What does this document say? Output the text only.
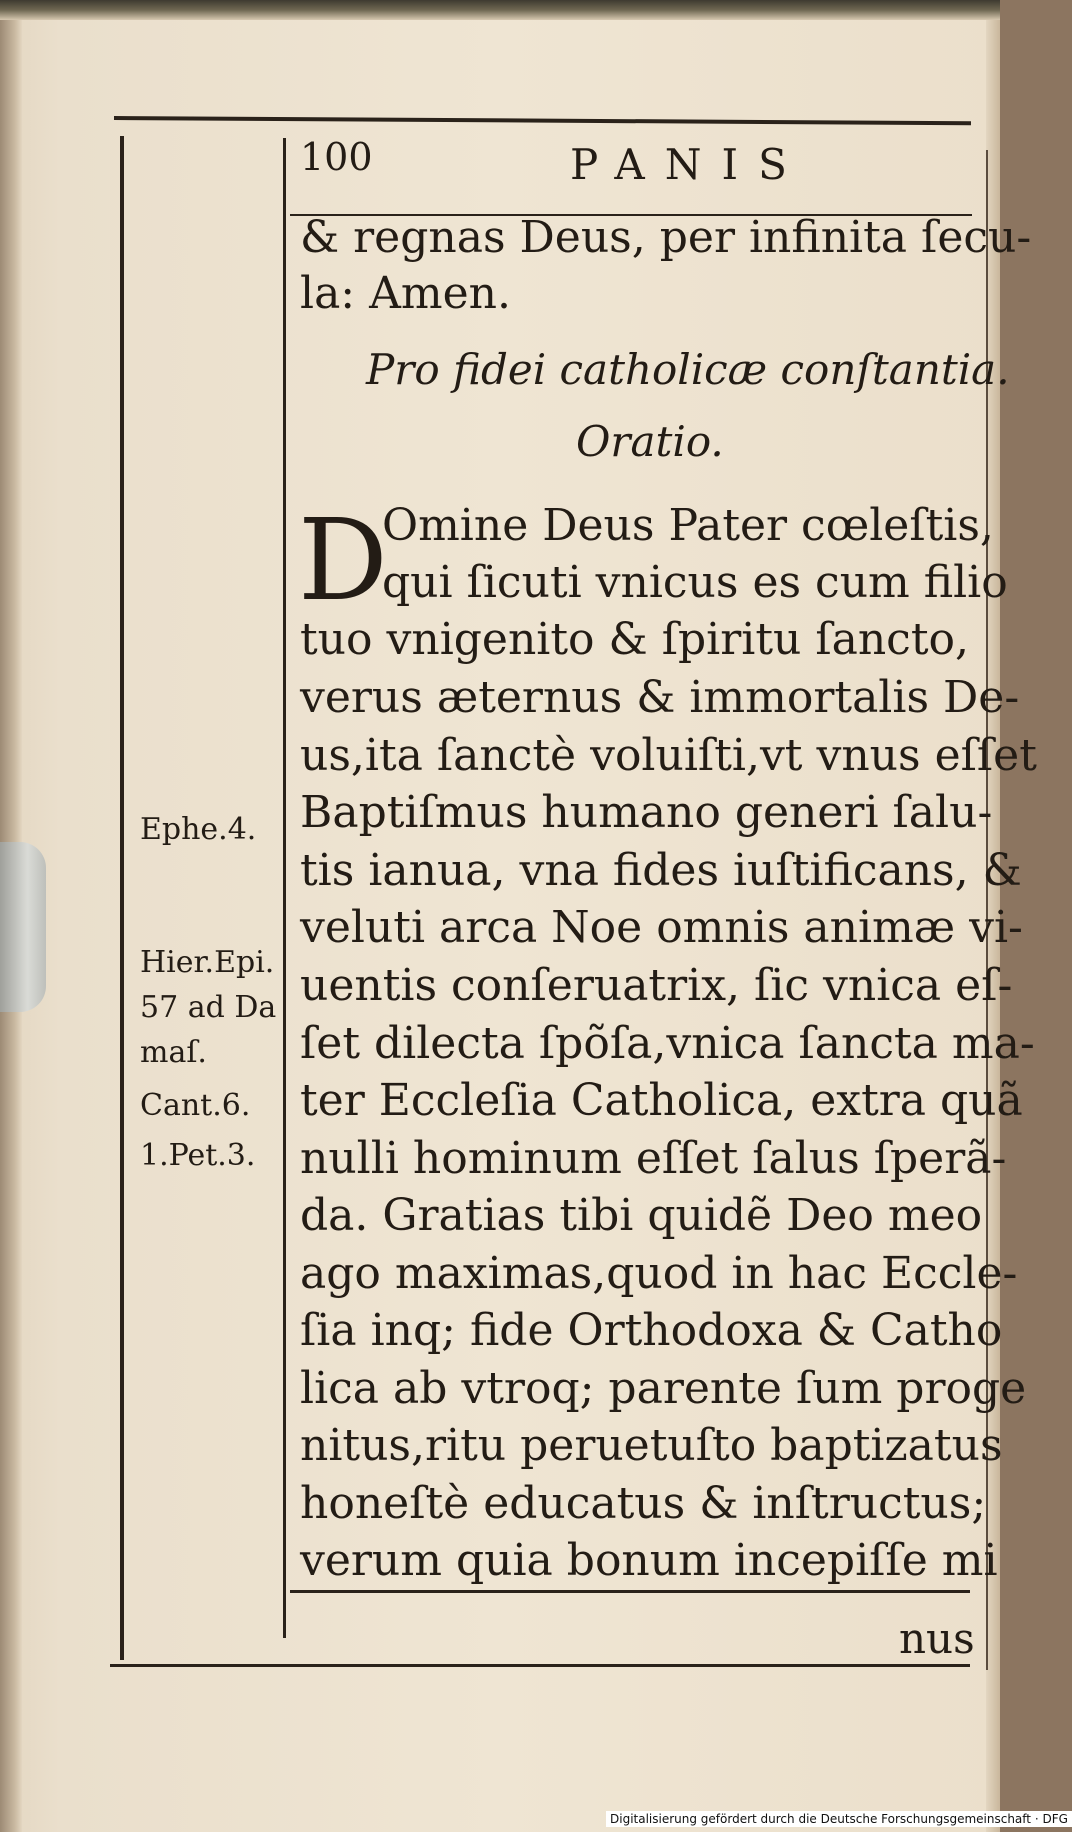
100	PANIS
& regnas Deus, per infinita ſecu-
la: Amen.
Pro fidei catholicæ conſtantia.
Oratio.
D
Omine Deus Pater cœleſtis,
qui ſicuti vnicus es cum filio
tuo vnigenito & ſpiritu ſancto,
verus æternus & immortalis De-
us,ita ſanctè voluiſti,vt vnus eſſet
Baptiſmus humano generi ſalu-
tis ianua, vna fides iuſtificans, &
veluti arca Noe omnis animæ vi-
uentis conſeruatrix, ſic vnica eſ-
ſet dilecta ſpõſa,vnica ſancta ma-
ter Eccleſia Catholica, extra quã
nulli hominum eſſet ſalus ſperã-
da. Gratias tibi quidẽ Deo meo
ago maximas,quod in hac Eccle-
ſia inq; fide Orthodoxa & Catho
lica ab vtroq; parente ſum proge
nitus,ritu peruetuſto baptizatus
honeſtè educatus & inſtructus;
verum quia bonum incepiſſe mi
Ephe.4.
Hier.Epi.
57 ad Da
maſ.
Cant.6.
1.Pet.3.
nus
Digitalisierung gefördert durch die Deutsche Forschungsgemeinschaft · DFG
